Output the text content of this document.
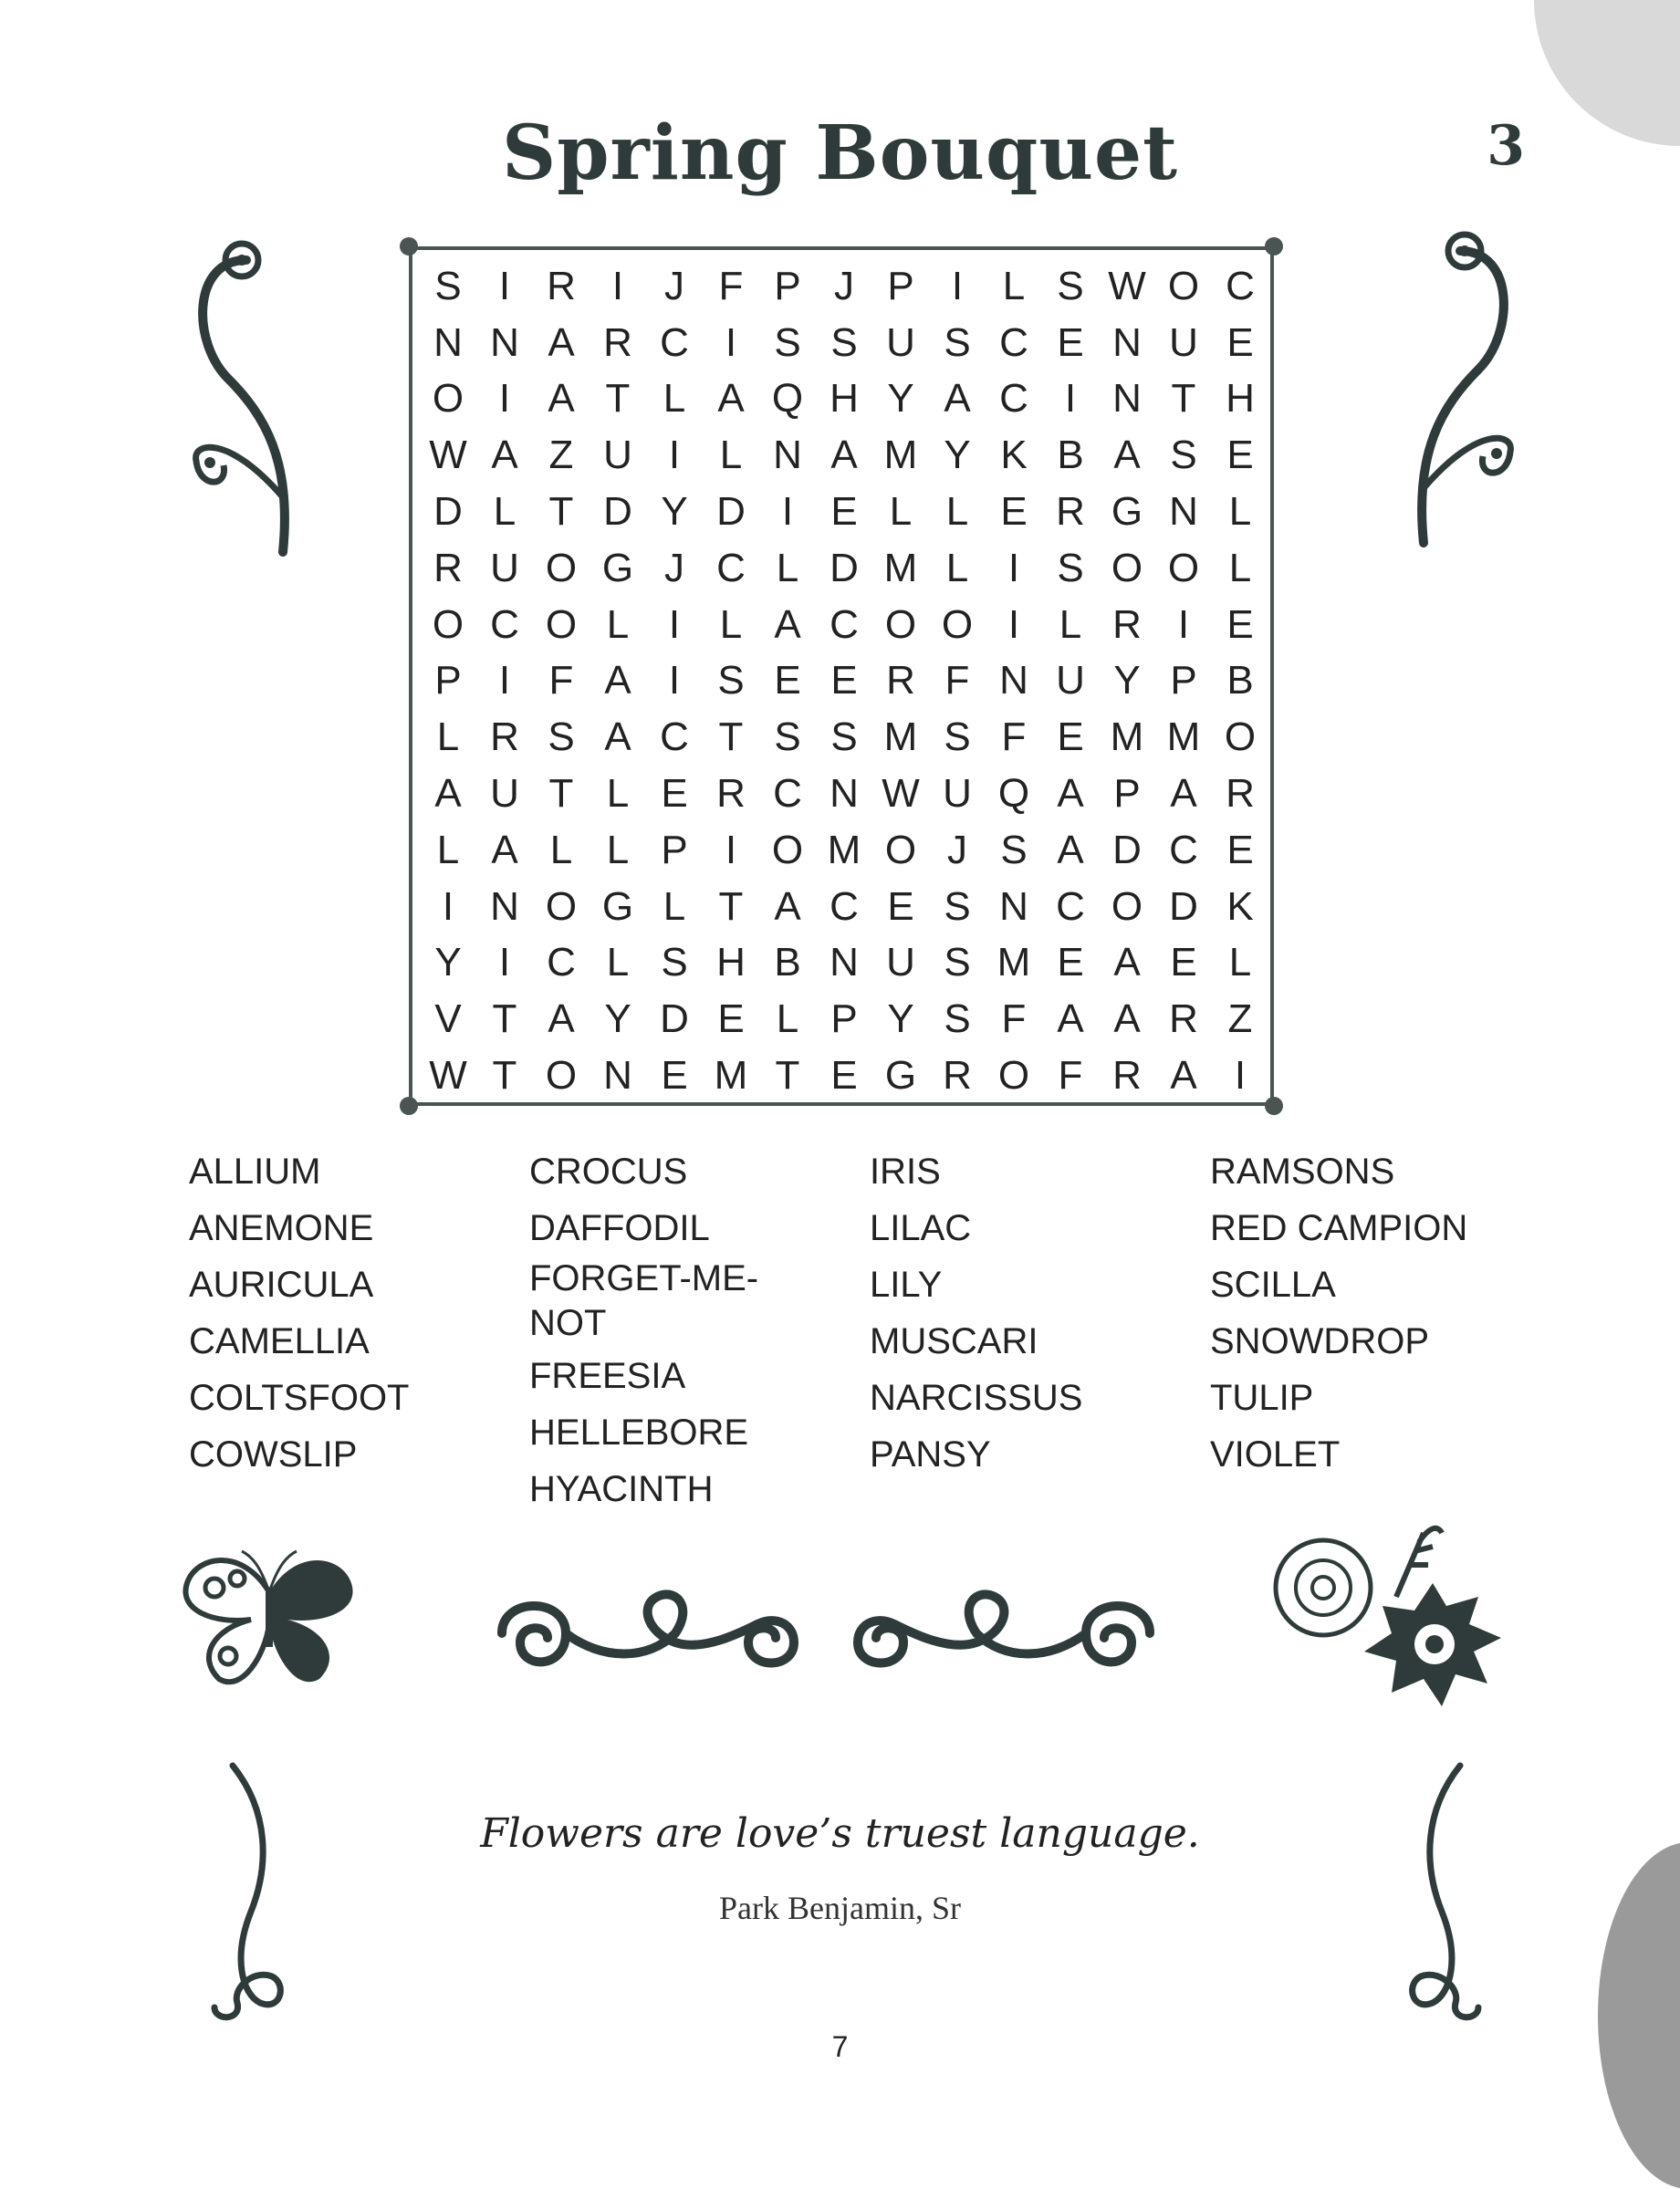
Spring Bouquet	3
S I R I	J F P J P I L S W O C
N N A R C I S S U S C E N U E
O I A T L A Q H Y A C I N T H
W A Z U I L N A M Y K B A S E
D L T D Y D I E L L E R G N L
R U O G J C L D M L I S O O L
O C O L I L A C O O I L R I E
P I F A I S E E R F N U Y P B
L R S A C T S S M S F E M M O
A U T L E R C N W U Q A P A R
L A L L P I O M O J S A D C E
I N O G L T A C E S N C O D K
Y I C L S H B N U S M E A E L
V T A Y D E L P Y S F A A R Z
W T O N E M T E G R O F R A I
ALLIUM
ANEMONE
AURICULA
CAMELLIA
COLTSFOOT
COWSLIP
CROCUS
DAFFODIL
FORGET-ME-
NOT
FREESIA
HELLEBORE
HYACINTH
IRIS
LILAC
LILY
MUSCARI
NARCISSUS
PANSY
RAMSONS
RED CAMPION
SCILLA
SNOWDROP
TULIP
VIOLET
Flowers are love’s truest language.
Park Benjamin, Sr
7
